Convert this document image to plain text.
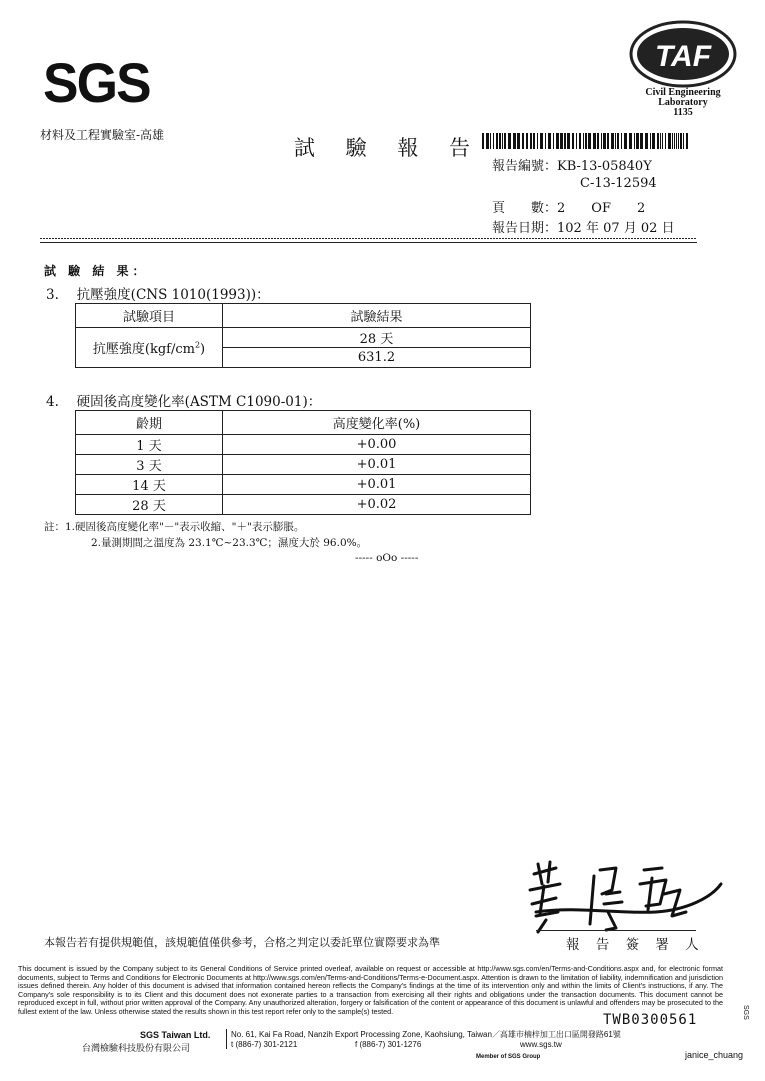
SGS
材料及工程實驗室-高雄
試 驗 報 告
TAF
Civil Engineering
Laboratory
1135
報告編號：KB-13-05840Y
C-13-12594
頁　　數：2　　OF　　2
報告日期：102 年 07 月 02 日
試 驗 結 果：
3.　 抗壓強度(CNS 1010(1993))：
試驗項目	試驗結果
抗壓強度$(kgf/cm^2)$	28 天
	631.2
4.　 硬固後高度變化率(ASTM C1090-01)：
齡期	高度變化率(%)
1 天	+0.00
3 天	+0.01
14 天	+0.01
28 天	+0.02
註：1.硬固後高度變化率"－"表示收縮、"＋"表示膨脹。
2.量測期間之溫度為 23.1℃~23.3℃；濕度大於 96.0%。
----- oOo -----
本報告若有提供規範值，該規範值僅供參考，合格之判定以委託單位實際要求為準	報 告 簽 署 人
This document is issued by the Company subject to its General Conditions of Service printed overleaf, available on request or accessible at http://www.sgs.com/en/Terms-and-Conditions.aspx and, for electronic format documents, subject to Terms and Conditions for Electronic Documents at http://www.sgs.com/en/Terms-and-Conditions/Terms-e-Document.aspx. Attention is drawn to the limitation of liability, indemnification and jurisdiction issues defined therein. Any holder of this document is advised that information contained hereon reflects the Company's findings at the time of its intervention only and within the limits of Client's instructions, if any. The Company's sole responsibility is to its Client and this document does not exonerate parties to a transaction from exercising all their rights and obligations under the transaction documents. This document cannot be reproduced except in full, without prior written approval of the Company. Any unauthorized alteration, forgery or falsification of the content or appearance of this document is unlawful and offenders may be prosecuted to the fullest extent of the law. Unless otherwise stated the results shown in this test report refer only to the sample(s) tested.
TWB0300561
SGS Taiwan Ltd.
台灣檢驗科技股份有限公司
No. 61, Kai Fa Road, Nanzih Export Processing Zone, Kaohsiung, Taiwan／高雄市楠梓加工出口區開發路61號
t (886-7) 301-2121	f (886-7) 301-1276	www.sgs.tw
Member of SGS Group	janice_chuang
SGS
